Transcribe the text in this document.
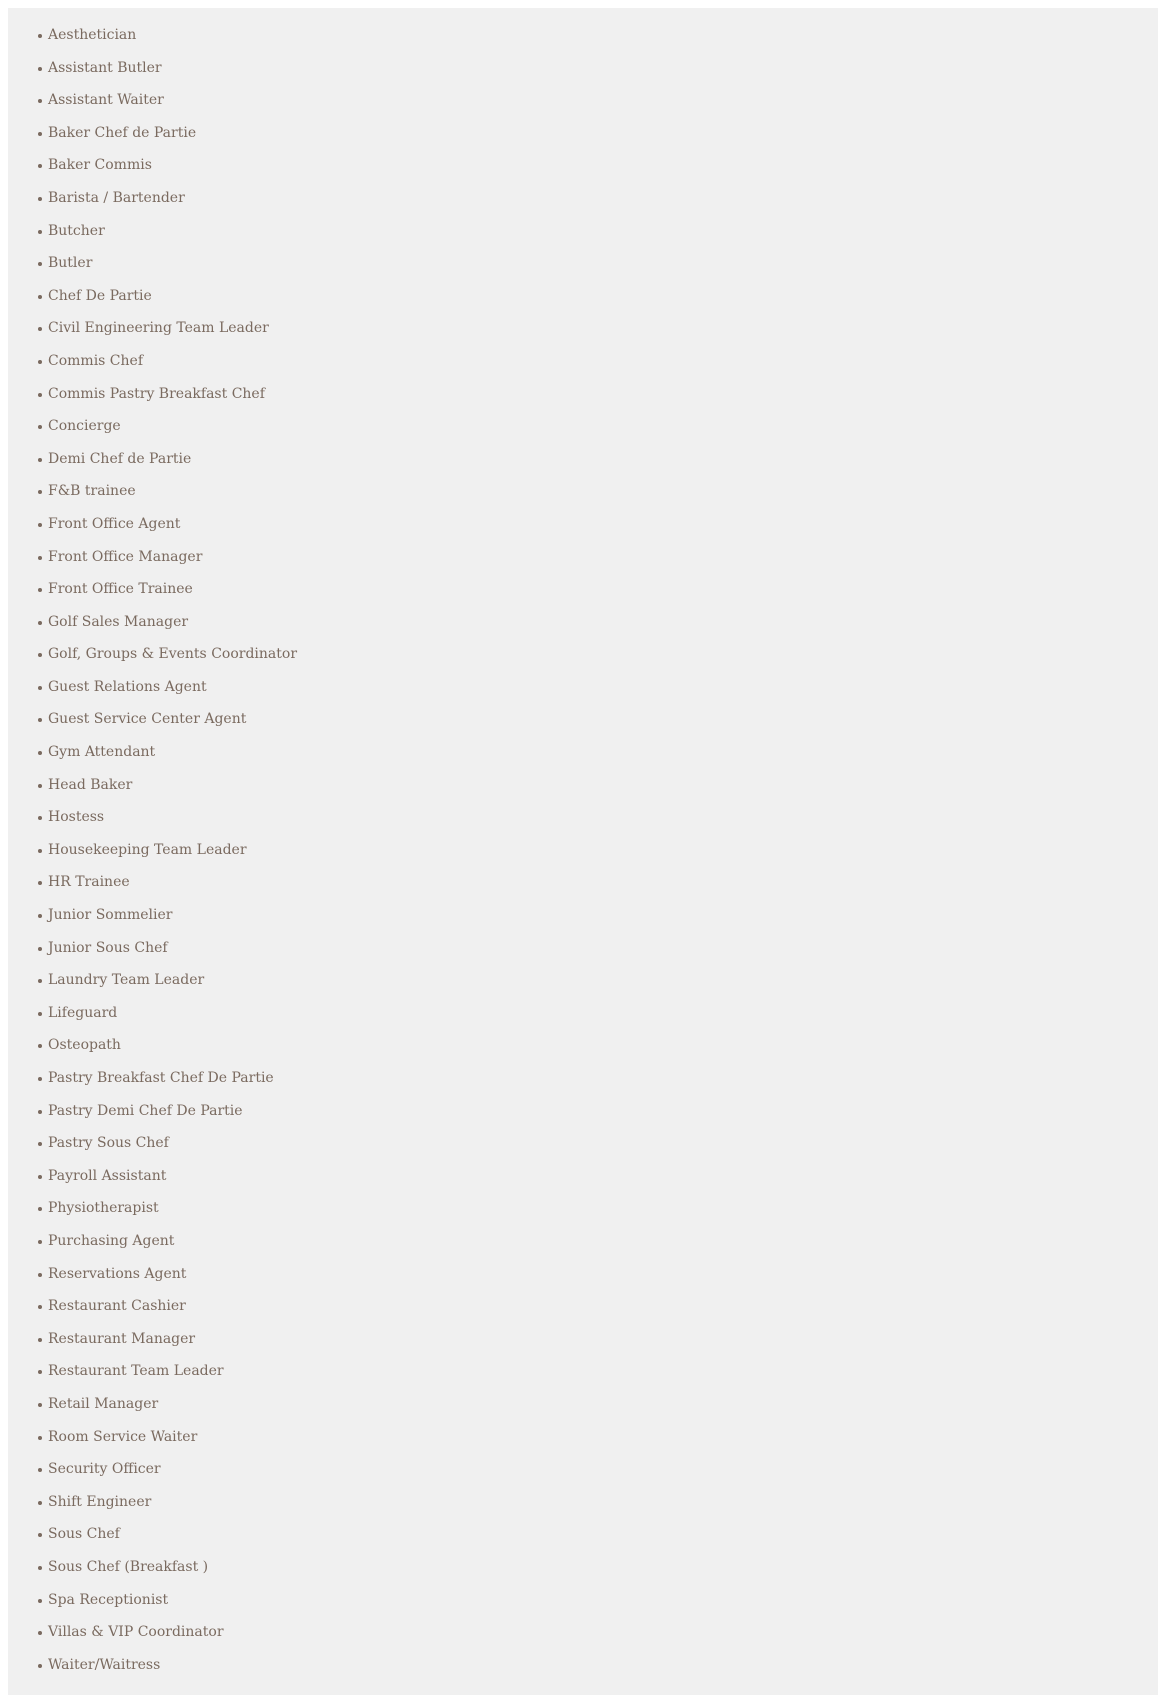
Aesthetician
Assistant Butler
Assistant Waiter
Baker Chef de Partie
Baker Commis
Barista / Bartender
Butcher
Butler
Chef De Partie
Civil Engineering Team Leader
Commis Chef
Commis Pastry Breakfast Chef
Concierge
Demi Chef de Partie
F&B trainee
Front Office Agent
Front Office Manager
Front Office Trainee
Golf Sales Manager
Golf, Groups & Events Coordinator
Guest Relations Agent
Guest Service Center Agent
Gym Attendant
Head Baker
Hostess
Housekeeping Team Leader
HR Trainee
Junior Sommelier
Junior Sous Chef
Laundry Team Leader
Lifeguard
Osteopath
Pastry Breakfast Chef De Partie
Pastry Demi Chef De Partie
Pastry Sous Chef
Payroll Assistant
Physiotherapist
Purchasing Agent
Reservations Agent
Restaurant Cashier
Restaurant Manager
Restaurant Team Leader
Retail Manager
Room Service Waiter
Security Officer
Shift Engineer
Sous Chef
Sous Chef (Breakfast )
Spa Receptionist
Villas & VIP Coordinator
Waiter/Waitress
